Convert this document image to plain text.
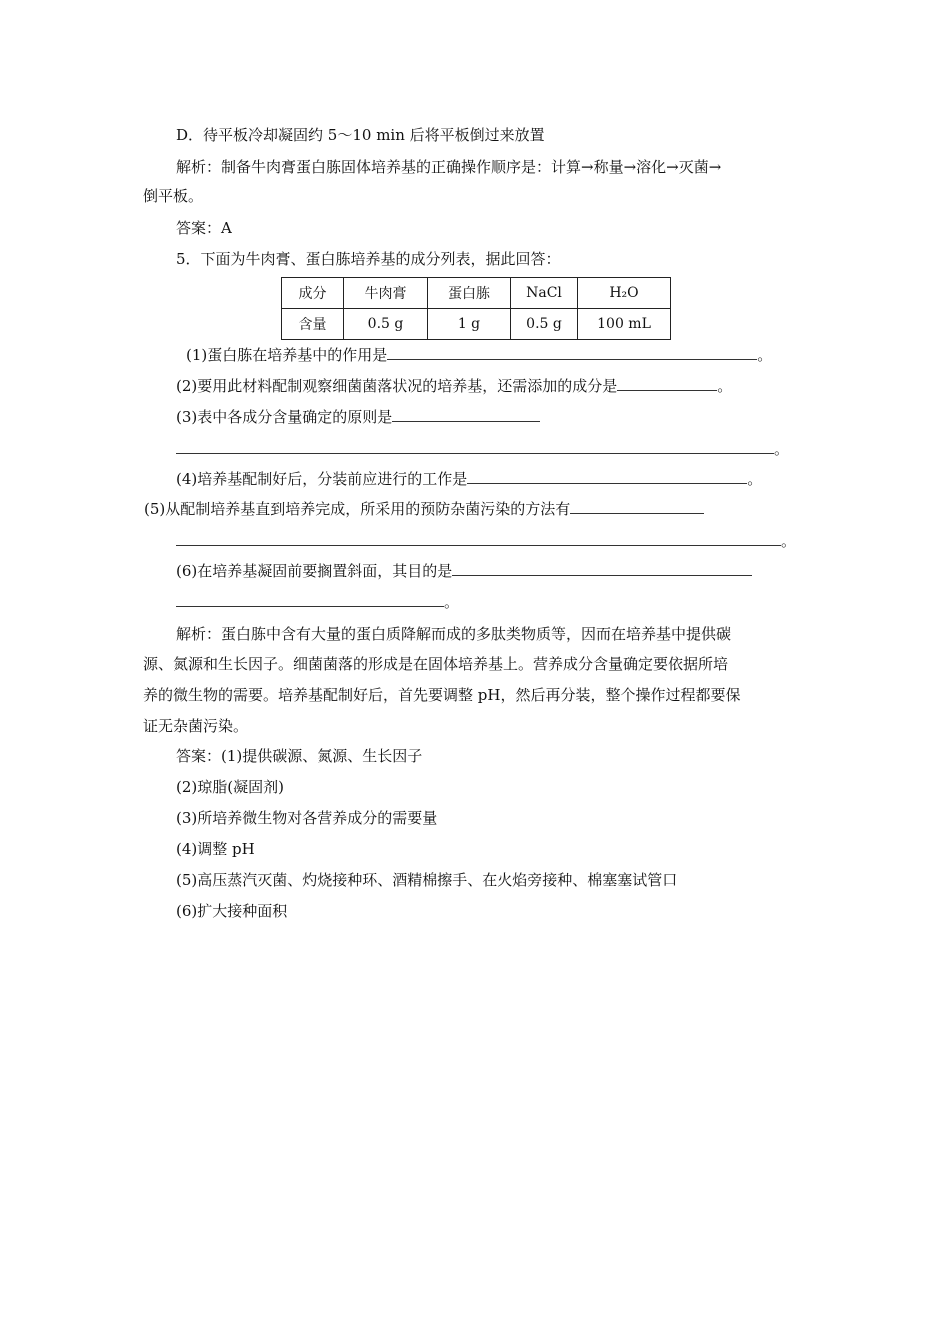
D．待平板冷却凝固约 5～10 min 后将平板倒过来放置
解析：制备牛肉膏蛋白胨固体培养基的正确操作顺序是：计算→称量→溶化→灭菌→
倒平板。
答案：A
5．下面为牛肉膏、蛋白胨培养基的成分列表，据此回答：
成分	牛肉膏	蛋白胨	NaCl	H₂O
含量	0.5 g	1 g	0.5 g	100 mL
(1)蛋白胨在培养基中的作用是	。
(2)要用此材料配制观察细菌菌落状况的培养基，还需添加的成分是	。
(3)表中各成分含量确定的原则是
。
(4)培养基配制好后，分装前应进行的工作是	。
(5)从配制培养基直到培养完成，所采用的预防杂菌污染的方法有
。
(6)在培养基凝固前要搁置斜面，其目的是
。
解析：蛋白胨中含有大量的蛋白质降解而成的多肽类物质等，因而在培养基中提供碳
源、氮源和生长因子。细菌菌落的形成是在固体培养基上。营养成分含量确定要依据所培
养的微生物的需要。培养基配制好后，首先要调整 pH，然后再分装，整个操作过程都要保
证无杂菌污染。
答案：(1)提供碳源、氮源、生长因子
(2)琼脂(凝固剂)
(3)所培养微生物对各营养成分的需要量
(4)调整 pH
(5)高压蒸汽灭菌、灼烧接种环、酒精棉擦手、在火焰旁接种、棉塞塞试管口
(6)扩大接种面积
